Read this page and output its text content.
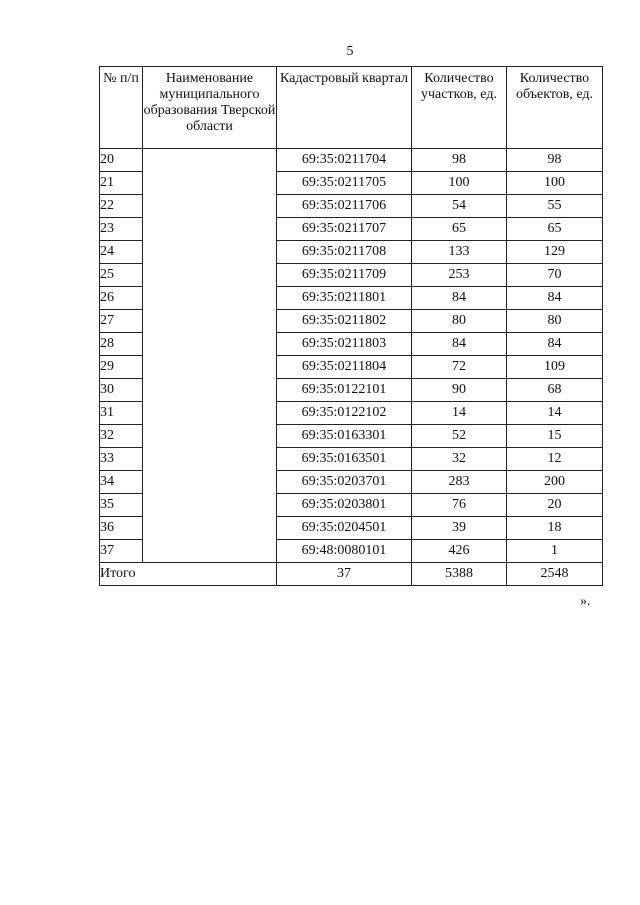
5
№ п/п	Наименование муниципального образования Тверской области	Кадастровый квартал	Количество участков, ед.	Количество объектов, ед.
20		69:35:0211704	98	98
21		69:35:0211705	100	100
22		69:35:0211706	54	55
23		69:35:0211707	65	65
24		69:35:0211708	133	129
25		69:35:0211709	253	70
26		69:35:0211801	84	84
27		69:35:0211802	80	80
28		69:35:0211803	84	84
29		69:35:0211804	72	109
30		69:35:0122101	90	68
31		69:35:0122102	14	14
32		69:35:0163301	52	15
33		69:35:0163501	32	12
34		69:35:0203701	283	200
35		69:35:0203801	76	20
36		69:35:0204501	39	18
37		69:48:0080101	426	1
Итого		37	5388	2548
».
